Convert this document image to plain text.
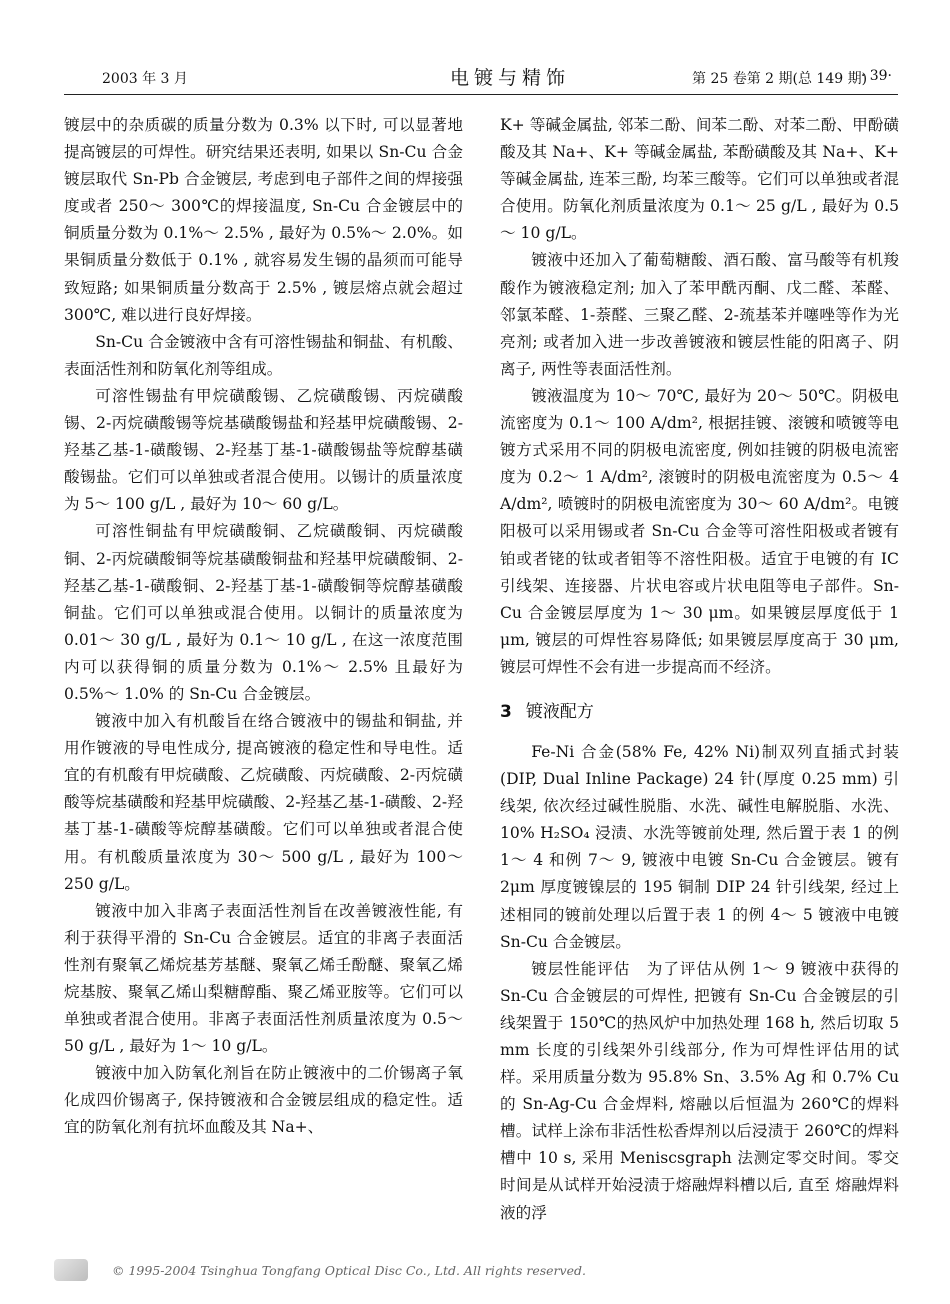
2003 年 3 月	电镀与精饰	第 25 卷第 2 期(总 149 期)
· 39·

镀层中的杂质碳的质量分数为 0.3% 以下时, 可以显著地提高镀层的可焊性。研究结果还表明, 如果以 Sn-Cu 合金镀层取代 Sn-Pb 合金镀层, 考虑到电子部件之间的焊接强度或者 250～ 300℃的焊接温度, Sn-Cu 合金镀层中的铜质量分数为 0.1%～ 2.5% , 最好为 0.5%～ 2.0%。如果铜质量分数低于 0.1% , 就容易发生锡的晶须而可能导致短路; 如果铜质量分数高于 2.5% , 镀层熔点就会超过 300℃, 难以进行良好焊接。

Sn-Cu 合金镀液中含有可溶性锡盐和铜盐、有机酸、表面活性剂和防氧化剂等组成。

可溶性锡盐有甲烷磺酸锡、乙烷磺酸锡、丙烷磺酸锡、2-丙烷磺酸锡等烷基磺酸锡盐和羟基甲烷磺酸锡、2-羟基乙基-1-磺酸锡、2-羟基丁基-1-磺酸锡盐等烷醇基磺酸锡盐。它们可以单独或者混合使用。以锡计的质量浓度为 5～ 100 g/L , 最好为 10～ 60 g/L。

可溶性铜盐有甲烷磺酸铜、乙烷磺酸铜、丙烷磺酸铜、2-丙烷磺酸铜等烷基磺酸铜盐和羟基甲烷磺酸铜、2-羟基乙基-1-磺酸铜、2-羟基丁基-1-磺酸铜等烷醇基磺酸铜盐。它们可以单独或混合使用。以铜计的质量浓度为 0.01～ 30 g/L , 最好为 0.1～ 10 g/L , 在这一浓度范围内可以获得铜的质量分数为 0.1%～ 2.5% 且最好为 0.5%～ 1.0% 的 Sn-Cu 合金镀层。

镀液中加入有机酸旨在络合镀液中的锡盐和铜盐, 并用作镀液的导电性成分, 提高镀液的稳定性和导电性。适宜的有机酸有甲烷磺酸、乙烷磺酸、丙烷磺酸、2-丙烷磺酸等烷基磺酸和羟基甲烷磺酸、2-羟基乙基-1-磺酸、2-羟基丁基-1-磺酸等烷醇基磺酸。它们可以单独或者混合使用。有机酸质量浓度为 30～ 500 g/L , 最好为 100～ 250 g/L。

镀液中加入非离子表面活性剂旨在改善镀液性能, 有利于获得平滑的 Sn-Cu 合金镀层。适宜的非离子表面活性剂有聚氧乙烯烷基芳基醚、聚氧乙烯壬酚醚、聚氧乙烯烷基胺、聚氧乙烯山梨糖醇酯、聚乙烯亚胺等。它们可以单独或者混合使用。非离子表面活性剂质量浓度为 0.5～ 50 g/L , 最好为 1～ 10 g/L。

镀液中加入防氧化剂旨在防止镀液中的二价锡离子氧化成四价锡离子, 保持镀液和合金镀层组成的稳定性。适宜的防氧化剂有抗坏血酸及其 Na+、

K+ 等碱金属盐, 邻苯二酚、间苯二酚、对苯二酚、甲酚磺酸及其 Na+、K+ 等碱金属盐, 苯酚磺酸及其 Na+、K+ 等碱金属盐, 连苯三酚, 均苯三酸等。它们可以单独或者混合使用。防氧化剂质量浓度为 0.1～ 25 g/L , 最好为 0.5～ 10 g/L。

镀液中还加入了葡萄糖酸、酒石酸、富马酸等有机羧酸作为镀液稳定剂; 加入了苯甲酰丙酮、戊二醛、苯醛、邻氯苯醛、1-萘醛、三聚乙醛、2-巯基苯并噻唑等作为光亮剂; 或者加入进一步改善镀液和镀层性能的阳离子、阴离子, 两性等表面活性剂。

镀液温度为 10～ 70℃, 最好为 20～ 50℃。阴极电流密度为 0.1～ 100 A/dm², 根据挂镀、滚镀和喷镀等电镀方式采用不同的阴极电流密度, 例如挂镀的阴极电流密度为 0.2～ 1 A/dm², 滚镀时的阴极电流密度为 0.5～ 4 A/dm², 喷镀时的阴极电流密度为 30～ 60 A/dm²。电镀阳极可以采用锡或者 Sn-Cu 合金等可溶性阳极或者镀有铂或者铑的钛或者钼等不溶性阳极。适宜于电镀的有 IC 引线架、连接器、片状电容或片状电阻等电子部件。Sn-Cu 合金镀层厚度为 1～ 30 μm。如果镀层厚度低于 1 μm, 镀层的可焊性容易降低; 如果镀层厚度高于 30 μm, 镀层可焊性不会有进一步提高而不经济。

3 镀液配方

Fe-Ni 合金(58% Fe, 42% Ni)制双列直插式封装(DIP, Dual Inline Package) 24 针(厚度 0.25 mm) 引线架, 依次经过碱性脱脂、水洗、碱性电解脱脂、水洗、10% H₂SO₄ 浸渍、水洗等镀前处理, 然后置于表 1 的例 1～ 4 和例 7～ 9, 镀液中电镀 Sn-Cu 合金镀层。镀有 2μm 厚度镀镍层的 195 铜制 DIP 24 针引线架, 经过上述相同的镀前处理以后置于表 1 的例 4～ 5 镀液中电镀 Sn-Cu 合金镀层。

镀层性能评估　为了评估从例 1～ 9 镀液中获得的 Sn-Cu 合金镀层的可焊性, 把镀有 Sn-Cu 合金镀层的引线架置于 150℃的热风炉中加热处理 168 h, 然后切取 5 mm 长度的引线架外引线部分, 作为可焊性评估用的试样。采用质量分数为 95.8% Sn、3.5% Ag 和 0.7% Cu 的 Sn-Ag-Cu 合金焊料, 熔融以后恒温为 260℃的焊料槽。试样上涂布非活性松香焊剂以后浸渍于 260℃的焊料槽中 10 s, 采用 Meniscsgraph 法测定零交时间。零交时间是从试样开始浸渍于熔融焊料槽以后, 直至 熔融焊料液的浮

© 1995-2004 Tsinghua Tongfang Optical Disc Co., Ltd. All rights reserved.
